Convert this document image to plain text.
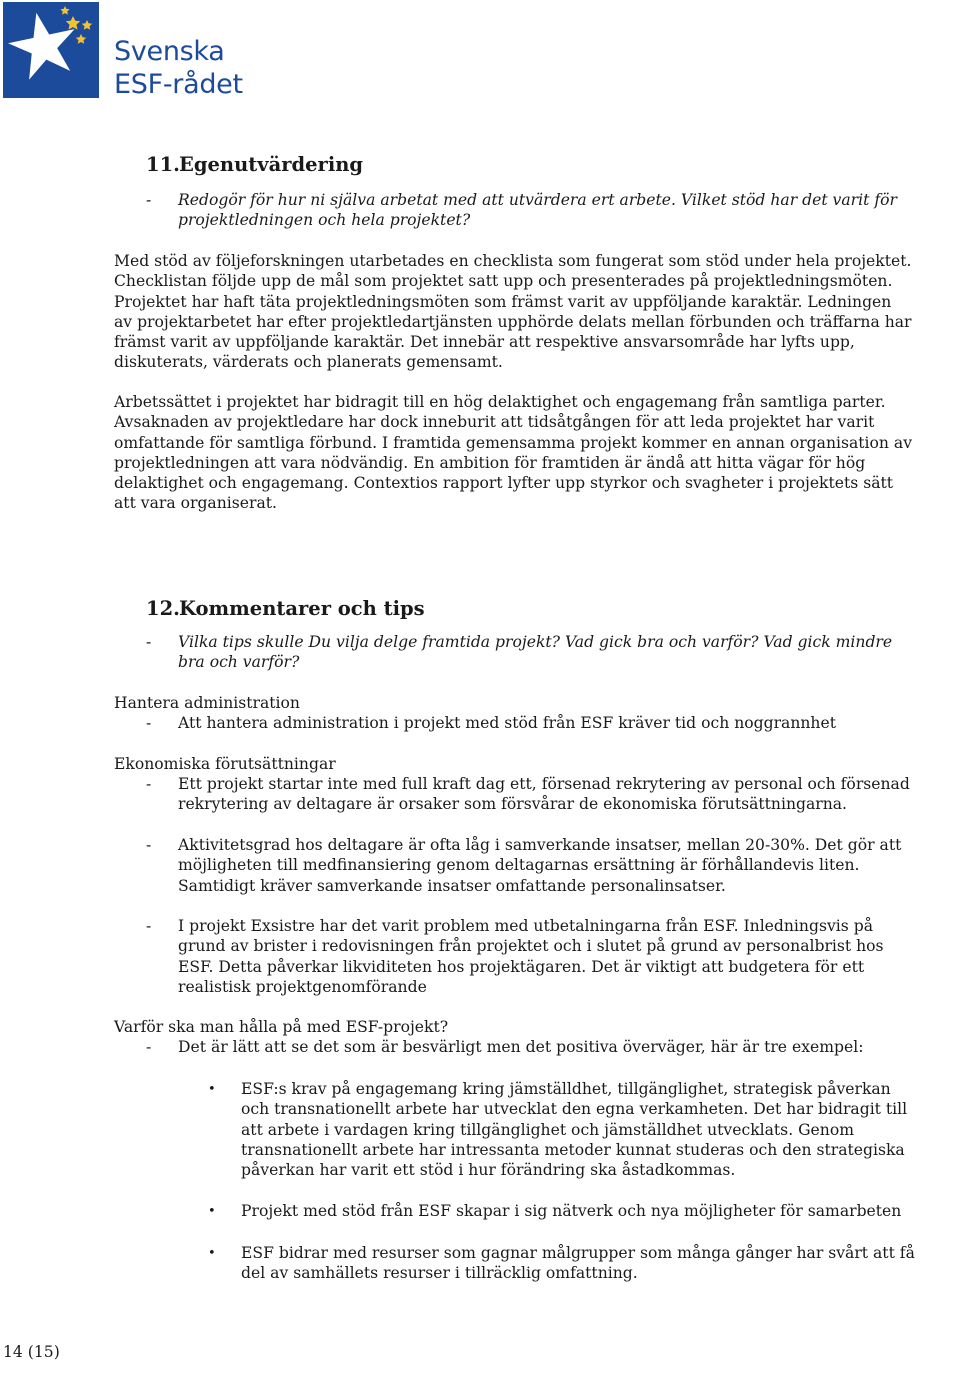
Svenska
ESF-rådet
11.Egenutvärdering
- Redogör för hur ni själva arbetat med att utvärdera ert arbete. Vilket stöd har det varit för projektledningen och hela projektet?
Med stöd av följeforskningen utarbetades en checklista som fungerat som stöd under hela projektet. Checklistan följde upp de mål som projektet satt upp och presenterades på projektledningsmöten. Projektet har haft täta projektledningsmöten som främst varit av uppföljande karaktär. Ledningen av projektarbetet har efter projektledartjänsten upphörde delats mellan förbunden och träffarna har främst varit av uppföljande karaktär. Det innebär att respektive ansvarsområde har lyfts upp, diskuterats, värderats och planerats gemensamt.
Arbetssättet i projektet har bidragit till en hög delaktighet och engagemang från samtliga parter. Avsaknaden av projektledare har dock inneburit att tidsåtgången för att leda projektet har varit omfattande för samtliga förbund. I framtida gemensamma projekt kommer en annan organisation av projektledningen att vara nödvändig. En ambition för framtiden är ändå att hitta vägar för hög delaktighet och engagemang. Contextios rapport lyfter upp styrkor och svagheter i projektets sätt att vara organiserat.
12.Kommentarer och tips
- Vilka tips skulle Du vilja delge framtida projekt? Vad gick bra och varför? Vad gick mindre bra och varför?
Hantera administration
- Att hantera administration i projekt med stöd från ESF kräver tid och noggrannhet
Ekonomiska förutsättningar
- Ett projekt startar inte med full kraft dag ett, försenad rekrytering av personal och försenad rekrytering av deltagare är orsaker som försvårar de ekonomiska förutsättningarna.
- Aktivitetsgrad hos deltagare är ofta låg i samverkande insatser, mellan 20-30%. Det gör att möjligheten till medfinansiering genom deltagarnas ersättning är förhållandevis liten. Samtidigt kräver samverkande insatser omfattande personalinsatser.
- I projekt Exsistre har det varit problem med utbetalningarna från ESF. Inledningsvis på grund av brister i redovisningen från projektet och i slutet på grund av personalbrist hos ESF. Detta påverkar likviditeten hos projektägaren. Det är viktigt att budgetera för ett realistisk projektgenomförande
Varför ska man hålla på med ESF-projekt?
- Det är lätt att se det som är besvärligt men det positiva överväger, här är tre exempel:
• ESF:s krav på engagemang kring jämställdhet, tillgänglighet, strategisk påverkan och transnationellt arbete har utvecklat den egna verkamheten. Det har bidragit till att arbete i vardagen kring tillgänglighet och jämställdhet utvecklats. Genom transnationellt arbete har intressanta metoder kunnat studeras och den strategiska påverkan har varit ett stöd i hur förändring ska åstadkommas.
• Projekt med stöd från ESF skapar i sig nätverk och nya möjligheter för samarbeten
• ESF bidrar med resurser som gagnar målgrupper som många gånger har svårt att få del av samhällets resurser i tillräcklig omfattning.
14 (15)
